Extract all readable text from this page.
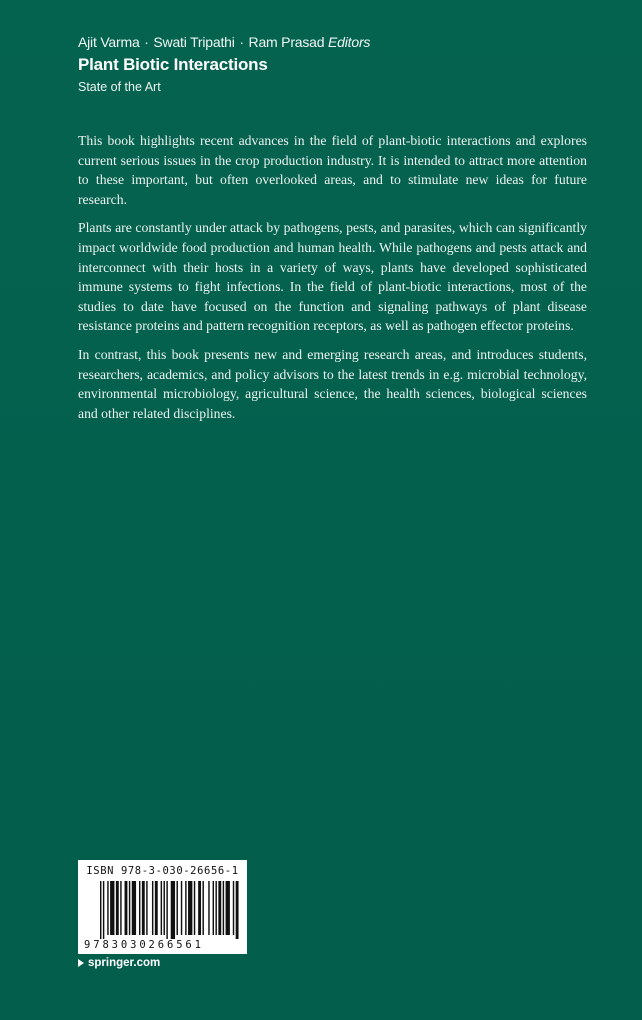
Ajit Varma · Swati Tripathi · Ram Prasad Editors
Plant Biotic Interactions
State of the Art

This book highlights recent advances in the field of plant-biotic interactions and explores current serious issues in the crop production industry. It is intended to attract more attention to these important, but often overlooked areas, and to stimulate new ideas for future research.

Plants are constantly under attack by pathogens, pests, and parasites, which can significantly impact worldwide food production and human health. While pathogens and pests attack and interconnect with their hosts in a variety of ways, plants have developed sophisticated immune systems to fight infections. In the field of plant-biotic interactions, most of the studies to date have focused on the function and signaling pathways of plant disease resistance proteins and pattern recognition receptors, as well as pathogen effector proteins.

In contrast, this book presents new and emerging research areas, and introduces students, researchers, academics, and policy advisors to the latest trends in e.g. microbial technology, environmental microbiology, agricultural science, the health sciences, biological sciences and other related disciplines.

ISBN 978-3-030-26656-1
9783030266561
springer.com
